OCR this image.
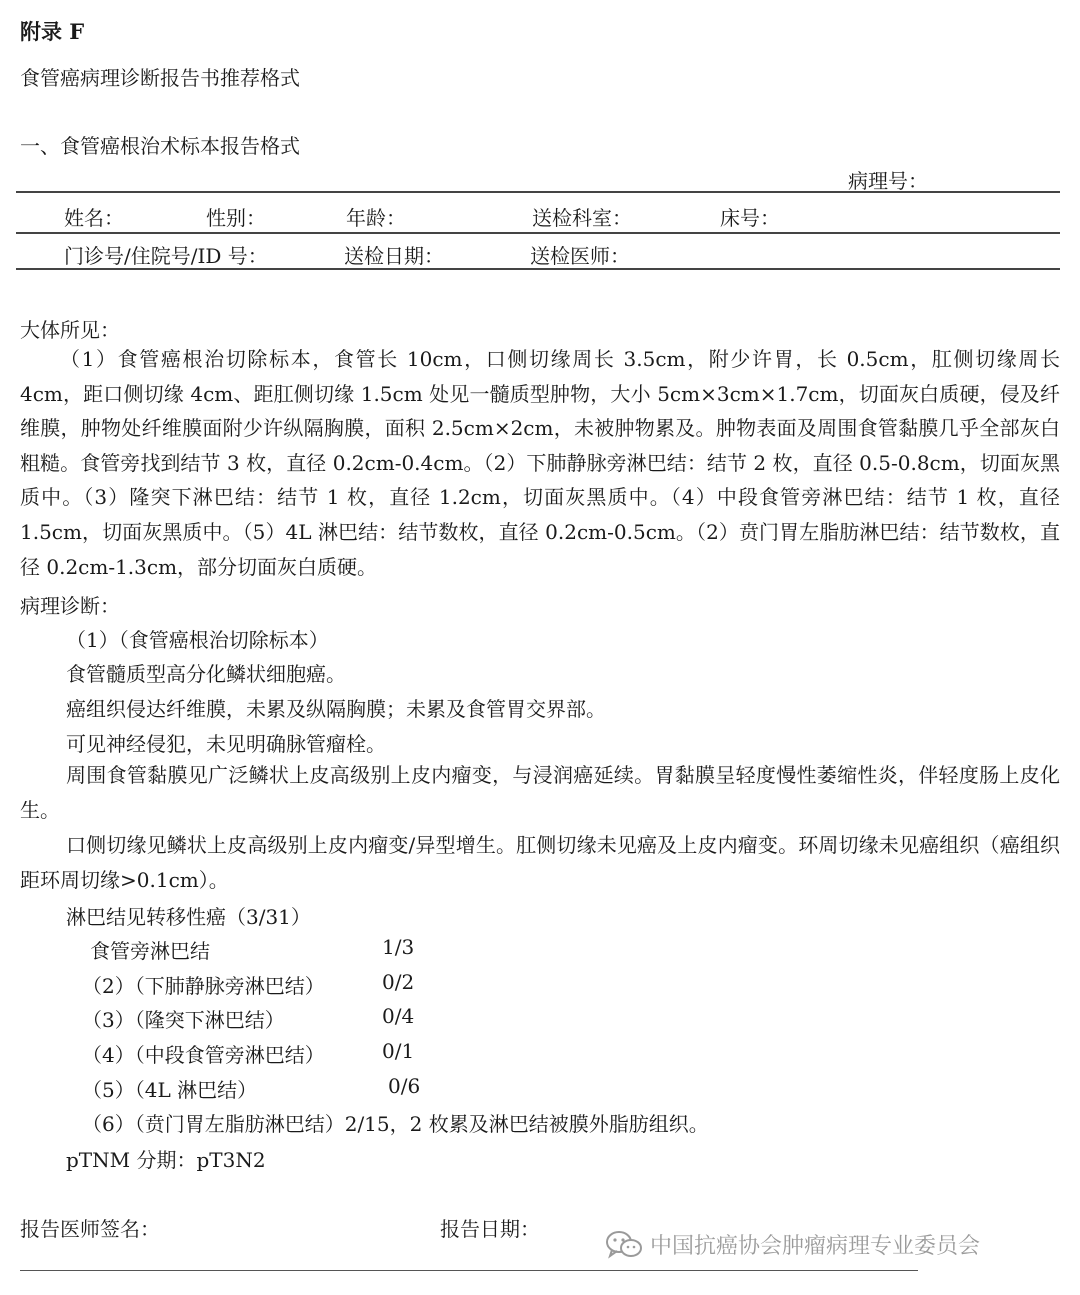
附录 F
食管癌病理诊断报告书推荐格式
一、食管癌根治术标本报告格式
病理号：
姓名：	性别：	年龄：	送检科室：	床号：
门诊号/住院号/ID 号：	送检日期：	送检医师：
大体所见：
（1）食管癌根治切除标本，食管长 10cm，口侧切缘周长 3.5cm，附少许胃，长 0.5cm，肛侧切缘周长 4cm，距口侧切缘 4cm、距肛侧切缘 1.5cm 处见一髓质型肿物，大小 5cm×3cm×1.7cm，切面灰白质硬，侵及纤维膜，肿物处纤维膜面附少许纵隔胸膜，面积 2.5cm×2cm，未被肿物累及。肿物表面及周围食管黏膜几乎全部灰白粗糙。食管旁找到结节 3 枚，直径 0.2cm-0.4cm。（2）下肺静脉旁淋巴结：结节 2 枚，直径 0.5-0.8cm，切面灰黑质中。（3）隆突下淋巴结：结节 1 枚，直径 1.2cm，切面灰黑质中。（4）中段食管旁淋巴结：结节 1 枚，直径 1.5cm，切面灰黑质中。（5）4L 淋巴结：结节数枚，直径 0.2cm-0.5cm。（2）贲门胃左脂肪淋巴结：结节数枚，直径 0.2cm-1.3cm，部分切面灰白质硬。
病理诊断：
（1）（食管癌根治切除标本）
食管髓质型高分化鳞状细胞癌。
癌组织侵达纤维膜，未累及纵隔胸膜；未累及食管胃交界部。
可见神经侵犯，未见明确脉管瘤栓。
周围食管黏膜见广泛鳞状上皮高级别上皮内瘤变，与浸润癌延续。胃黏膜呈轻度慢性萎缩性炎，伴轻度肠上皮化生。
口侧切缘见鳞状上皮高级别上皮内瘤变/异型增生。肛侧切缘未见癌及上皮内瘤变。环周切缘未见癌组织（癌组织距环周切缘>0.1cm）。
淋巴结见转移性癌（3/31）
食管旁淋巴结	1/3
（2）（下肺静脉旁淋巴结）	0/2
（3）（隆突下淋巴结）	0/4
（4）（中段食管旁淋巴结）	0/1
（5）（4L 淋巴结）	0/6
（6）（贲门胃左脂肪淋巴结）2/15，2 枚累及淋巴结被膜外脂肪组织。
pTNM 分期：pT3N2
报告医师签名：	报告日期：
中国抗癌协会肿瘤病理专业委员会
